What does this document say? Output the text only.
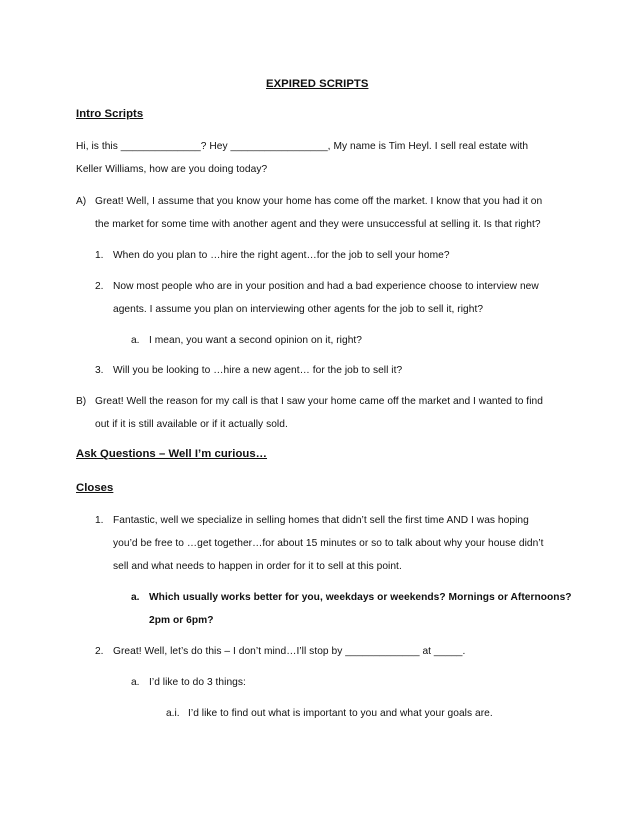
EXPIRED SCRIPTS
Intro Scripts
Hi, is this ______________? Hey _________________, My name is Tim Heyl. I sell real estate with
Keller Williams, how are you doing today?
A) Great! Well, I assume that you know your home has come off the market. I know that you had it on
the market for some time with another agent and they were unsuccessful at selling it. Is that right?
1. When do you plan to …hire the right agent…for the job to sell your home?
2. Now most people who are in your position and had a bad experience choose to interview new
agents. I assume you plan on interviewing other agents for the job to sell it, right?
a. I mean, you want a second opinion on it, right?
3. Will you be looking to …hire a new agent… for the job to sell it?
B) Great! Well the reason for my call is that I saw your home came off the market and I wanted to find
out if it is still available or if it actually sold.
Ask Questions – Well I’m curious…
Closes
1. Fantastic, well we specialize in selling homes that didn’t sell the first time AND I was hoping
you’d be free to …get together…for about 15 minutes or so to talk about why your house didn’t
sell and what needs to happen in order for it to sell at this point.
a. Which usually works better for you, weekdays or weekends? Mornings or Afternoons?
2pm or 6pm?
2. Great! Well, let’s do this – I don’t mind…I’ll stop by _____________ at _____.
a. I’d like to do 3 things:
a.i. I’d like to find out what is important to you and what your goals are.
